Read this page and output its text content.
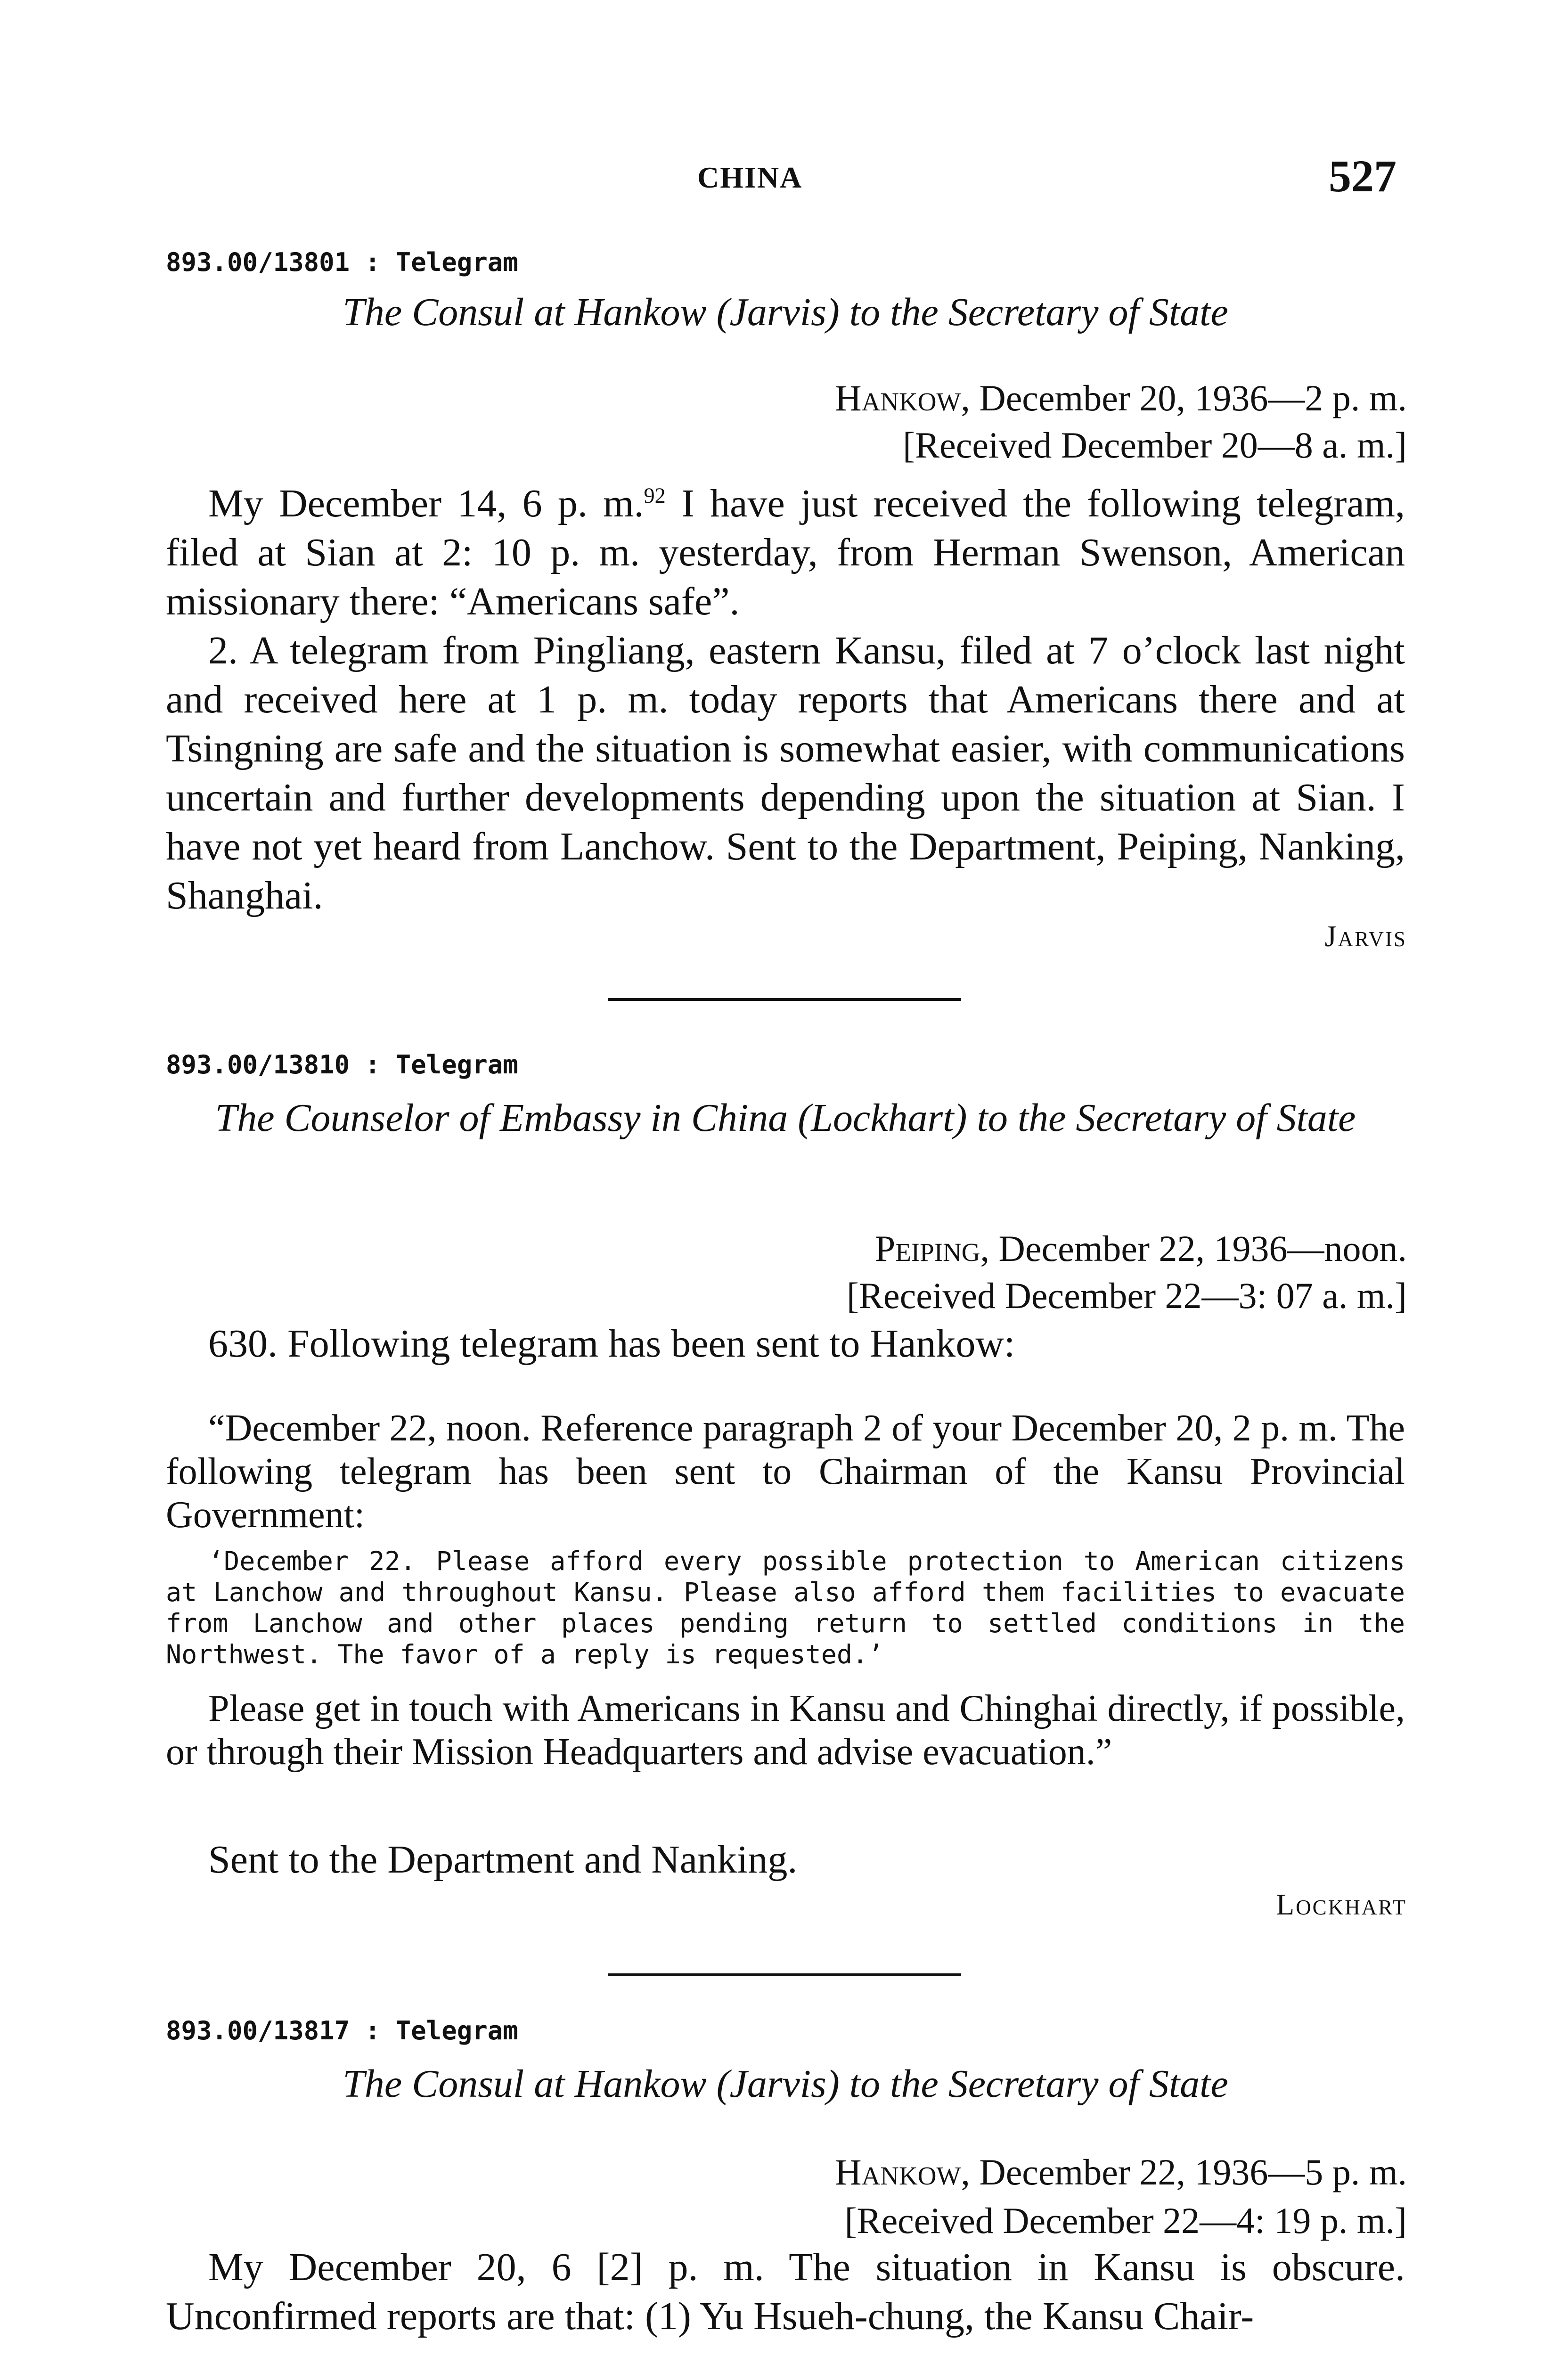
CHINA	527
893.00/13801 : Telegram
The Consul at Hankow (Jarvis) to the Secretary of State
Hankow, December 20, 1936—2 p. m.
[Received December 20—8 a. m.]

My December 14, 6 p. m.$^{92}$ I have just received the following telegram, filed at Sian at 2: 10 p. m. yesterday, from Herman Swenson, American missionary there: “Americans safe”.

2. A telegram from Pingliang, eastern Kansu, filed at 7 o’clock last night and received here at 1 p. m. today reports that Americans there and at Tsingning are safe and the situation is somewhat easier, with communications uncertain and further developments depending upon the situation at Sian. I have not yet heard from Lanchow. Sent to the Department, Peiping, Nanking, Shanghai.

Jarvis
893.00/13810 : Telegram
The Counselor of Embassy in China (Lockhart) to the Secretary of State
Peiping, December 22, 1936—noon.
[Received December 22—3: 07 a. m.]

630. Following telegram has been sent to Hankow:

“December 22, noon. Reference paragraph 2 of your December 20, 2 p. m. The following telegram has been sent to Chairman of the Kansu Provincial Government:

‘December 22. Please afford every possible protection to American citizens at Lanchow and throughout Kansu. Please also afford them facilities to evacuate from Lanchow and other places pending return to settled conditions in the Northwest. The favor of a reply is requested.’

Please get in touch with Americans in Kansu and Chinghai directly, if possible, or through their Mission Headquarters and advise evacuation.”

Sent to the Department and Nanking.

Lockhart
893.00/13817 : Telegram
The Consul at Hankow (Jarvis) to the Secretary of State
Hankow, December 22, 1936—5 p. m.
[Received December 22—4: 19 p. m.]

My December 20, 6 [2] p. m. The situation in Kansu is obscure. Unconfirmed reports are that: (1) Yu Hsueh-chung, the Kansu Chair-
